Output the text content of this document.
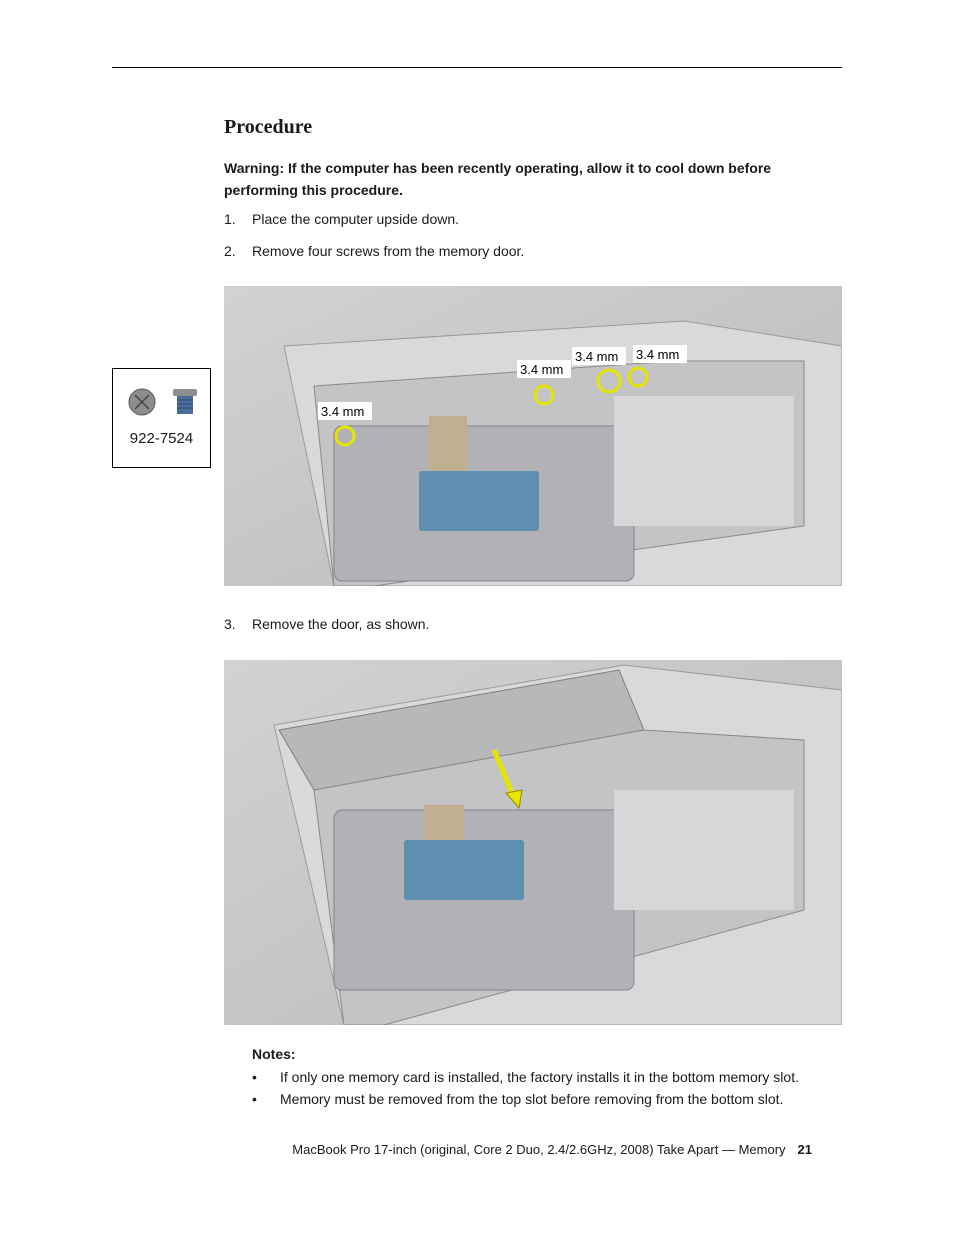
Procedure
Warning: If the computer has been recently operating, allow it to cool down before performing this procedure.
1. Place the computer upside down.
2. Remove four screws from the memory door.
922-7524
3.4 mm
3.4 mm
3.4 mm 3.4 mm
3. Remove the door, as shown.
Notes:
• If only one memory card is installed, the factory installs it in the bottom memory slot.
• Memory must be removed from the top slot before removing from the bottom slot.
MacBook Pro 17-inch (original, Core 2 Duo, 2.4/2.6GHz, 2008) Take Apart — Memory 21
